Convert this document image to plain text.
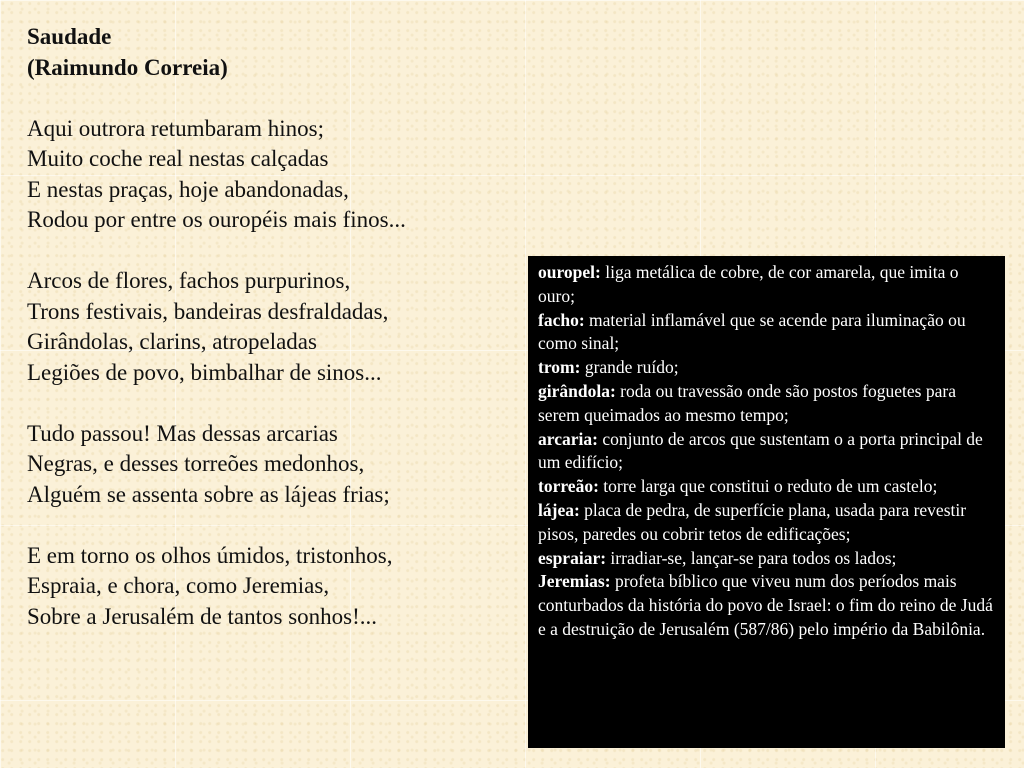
Saudade
(Raimundo Correia)
Aqui outrora retumbaram hinos;
Muito coche real nestas calçadas
E nestas praças, hoje abandonadas,
Rodou por entre os ouropéis mais finos...
Arcos de flores, fachos purpurinos,
Trons festivais, bandeiras desfraldadas,
Girândolas, clarins, atropeladas
Legiões de povo, bimbalhar de sinos...
Tudo passou! Mas dessas arcarias
Negras, e desses torreões medonhos,
Alguém se assenta sobre as lájeas frias;
E em torno os olhos úmidos, tristonhos,
Espraia, e chora, como Jeremias,
Sobre a Jerusalém de tantos sonhos!...

ouropel: liga metálica de cobre, de cor amarela, que imita o ouro;

facho: material inflamável que se acende para iluminação ou como sinal;

trom: grande ruído;

girândola: roda ou travessão onde são postos foguetes para serem queimados ao mesmo tempo;

arcaria: conjunto de arcos que sustentam o a porta principal de um edifício;

torreão: torre larga que constitui o reduto de um castelo;

lájea: placa de pedra, de superfície plana, usada para revestir pisos, paredes ou cobrir tetos de edificações;

espraiar: irradiar-se, lançar-se para todos os lados;

Jeremias: profeta bíblico que viveu num dos períodos mais conturbados da história do povo de Israel: o fim do reino de Judá e a destruição de Jerusalém (587/86) pelo império da Babilônia.
